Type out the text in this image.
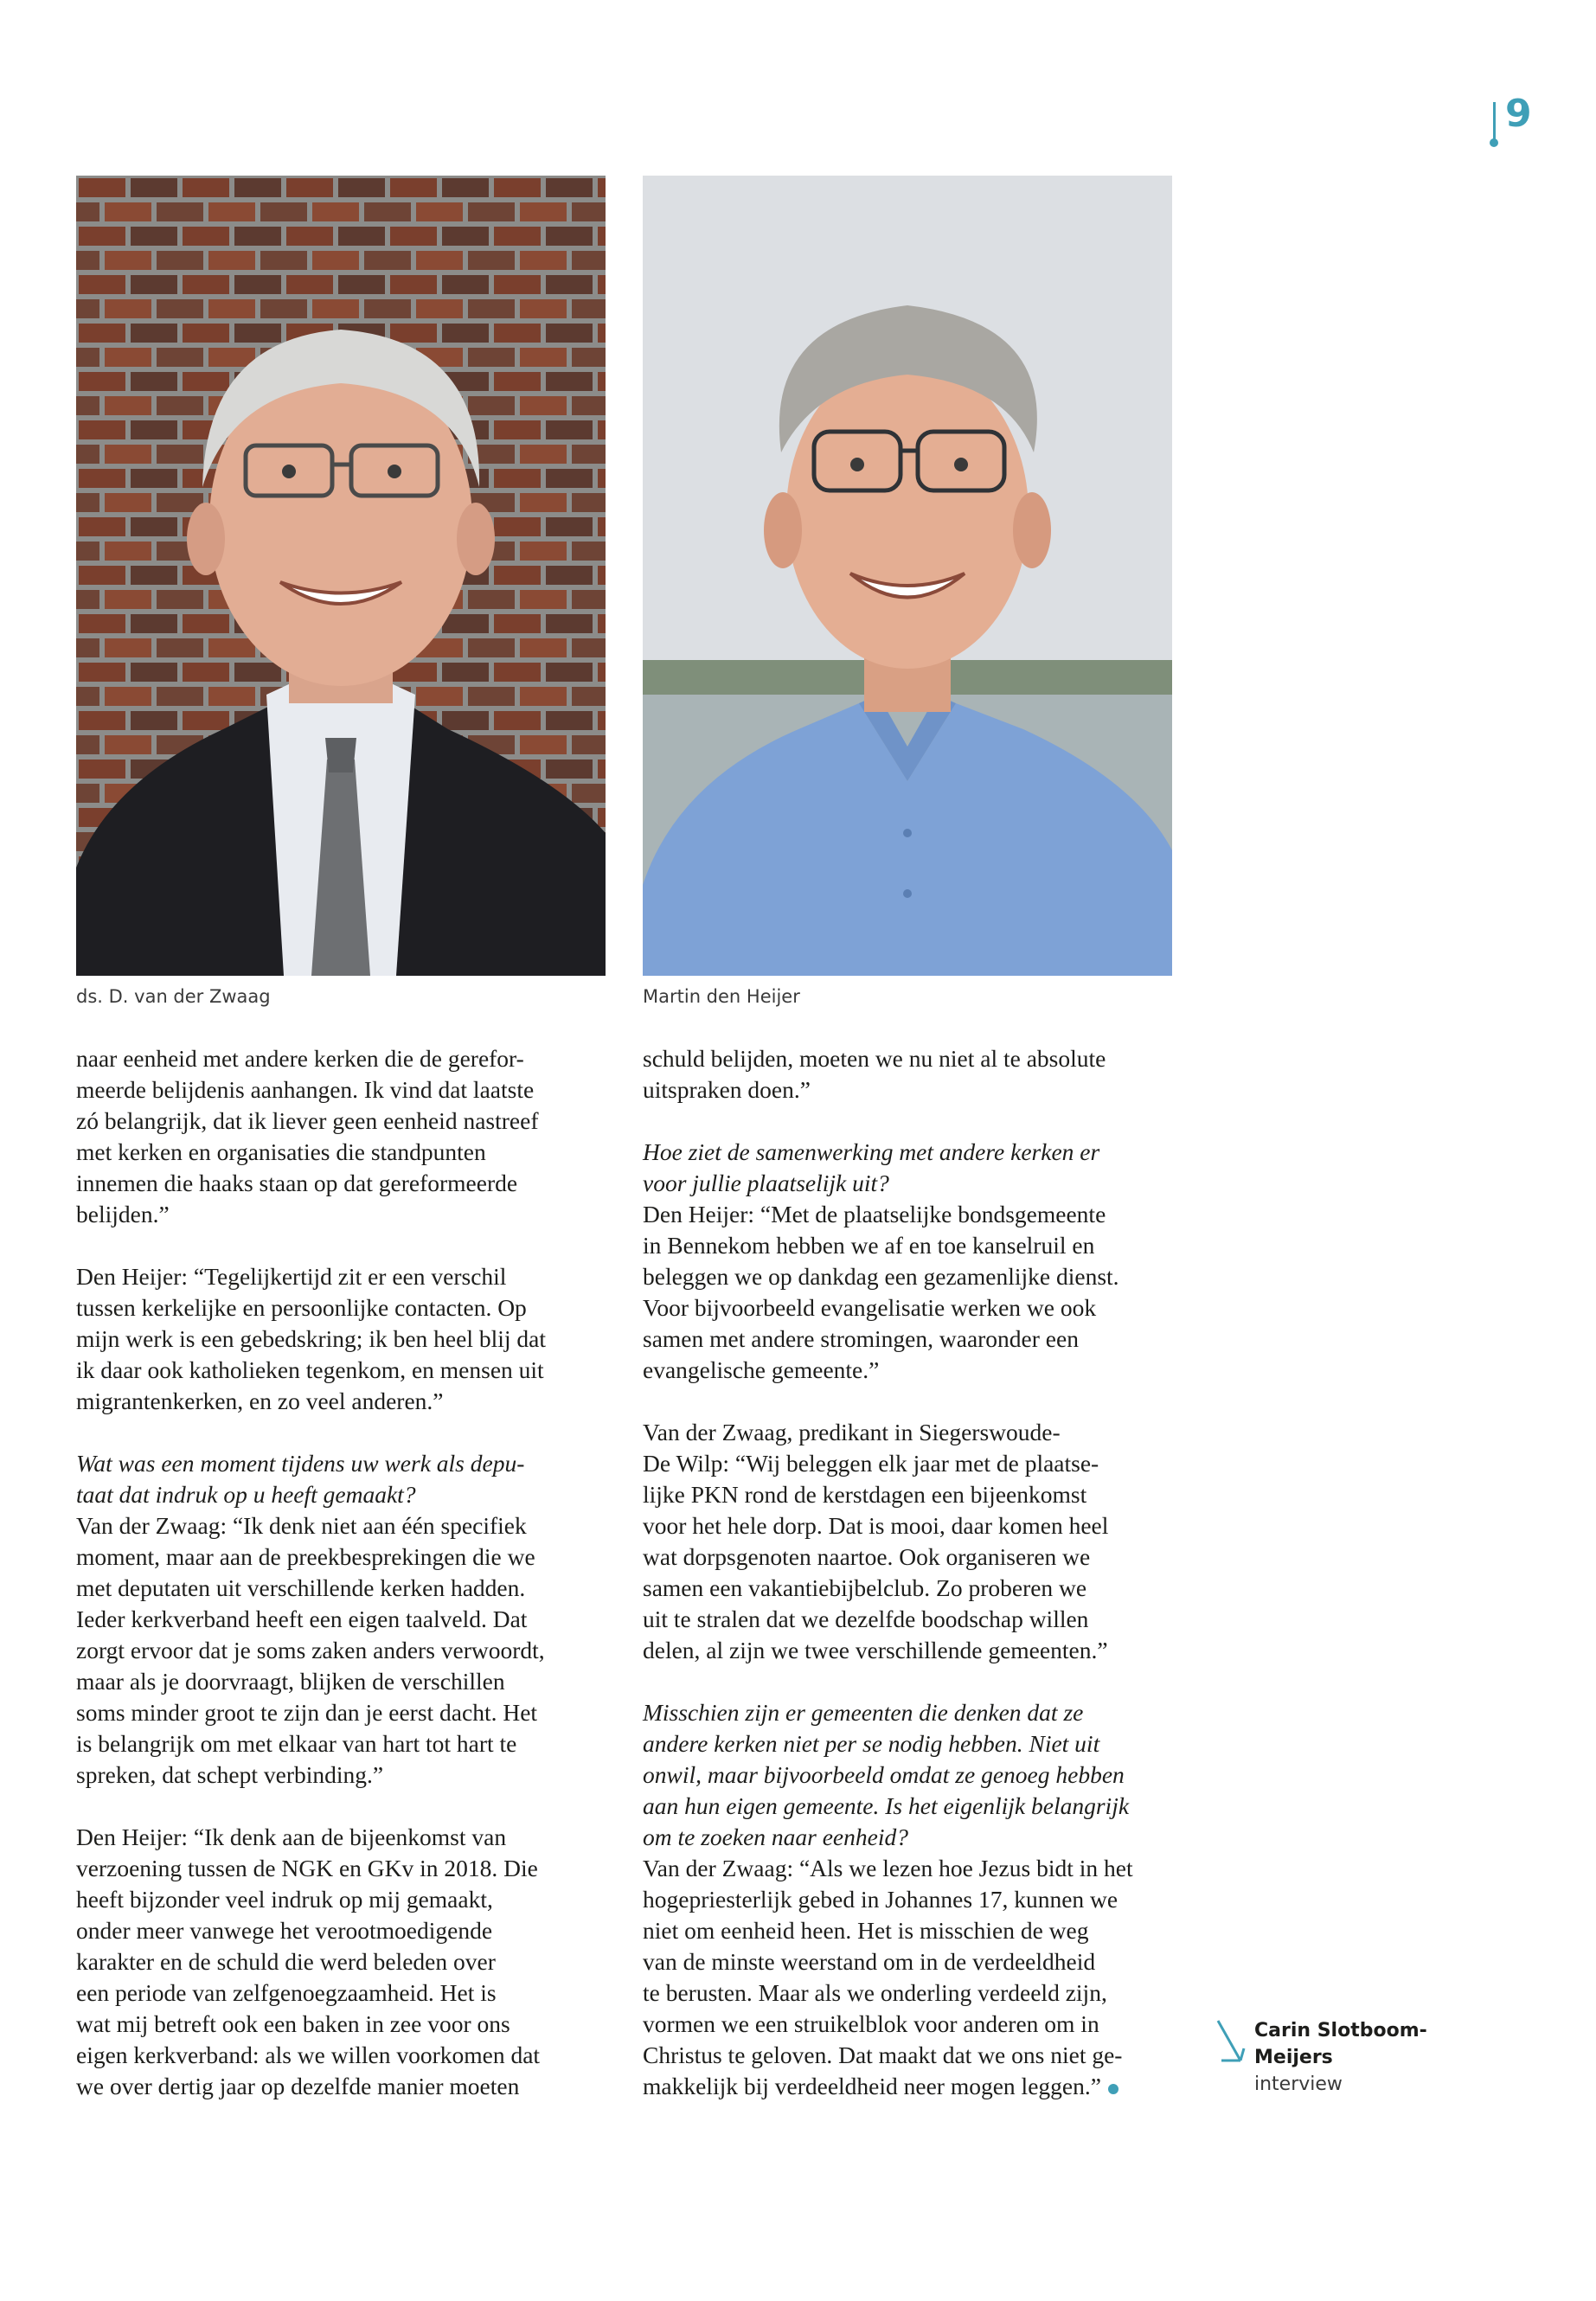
9
ds. D. van der Zwaag	Martin den Heijer

naar eenheid met andere kerken die de gerefor-
meerde belijdenis aanhangen. Ik vind dat laatste
zó belangrijk, dat ik liever geen eenheid nastreef
met kerken en organisaties die standpunten
innemen die haaks staan op dat gereformeerde
belijden.”

Den Heijer: “Tegelijkertijd zit er een verschil
tussen kerkelijke en persoonlijke contacten. Op
mijn werk is een gebedskring; ik ben heel blij dat
ik daar ook katholieken tegenkom, en mensen uit
migrantenkerken, en zo veel anderen.”

Wat was een moment tijdens uw werk als depu-
taat dat indruk op u heeft gemaakt?

Van der Zwaag: “Ik denk niet aan één specifiek
moment, maar aan de preekbesprekingen die we
met deputaten uit verschillende kerken hadden.
Ieder kerkverband heeft een eigen taalveld. Dat
zorgt ervoor dat je soms zaken anders verwoordt,
maar als je doorvraagt, blijken de verschillen
soms minder groot te zijn dan je eerst dacht. Het
is belangrijk om met elkaar van hart tot hart te
spreken, dat schept verbinding.”

Den Heijer: “Ik denk aan de bijeenkomst van
verzoening tussen de NGK en GKv in 2018. Die
heeft bijzonder veel indruk op mij gemaakt,
onder meer vanwege het verootmoedigende
karakter en de schuld die werd beleden over
een periode van zelfgenoegzaamheid. Het is
wat mij betreft ook een baken in zee voor ons
eigen kerkverband: als we willen voorkomen dat
we over dertig jaar op dezelfde manier moeten

schuld belijden, moeten we nu niet al te absolute
uitspraken doen.”

Hoe ziet de samenwerking met andere kerken er
voor jullie plaatselijk uit?

Den Heijer: “Met de plaatselijke bondsgemeente
in Bennekom hebben we af en toe kanselruil en
beleggen we op dankdag een gezamenlijke dienst.
Voor bijvoorbeeld evangelisatie werken we ook
samen met andere stromingen, waaronder een
evangelische gemeente.”

Van der Zwaag, predikant in Siegerswoude-
De Wilp: “Wij beleggen elk jaar met de plaatse-
lijke PKN rond de kerstdagen een bijeenkomst
voor het hele dorp. Dat is mooi, daar komen heel
wat dorpsgenoten naartoe. Ook organiseren we
samen een vakantiebijbelclub. Zo proberen we
uit te stralen dat we dezelfde boodschap willen
delen, al zijn we twee verschillende gemeenten.”

Misschien zijn er gemeenten die denken dat ze
andere kerken niet per se nodig hebben. Niet uit
onwil, maar bijvoorbeeld omdat ze genoeg hebben
aan hun eigen gemeente. Is het eigenlijk belangrijk
om te zoeken naar eenheid?

Van der Zwaag: “Als we lezen hoe Jezus bidt in het
hogepriesterlijk gebed in Johannes 17, kunnen we
niet om eenheid heen. Het is misschien de weg
van de minste weerstand om in de verdeeldheid
te berusten. Maar als we onderling verdeeld zijn,
vormen we een struikelblok voor anderen om in
Christus te geloven. Dat maakt dat we ons niet ge-
makkelijk bij verdeeldheid neer mogen leggen.”

Carin Slotboom-
Meijers
interview
